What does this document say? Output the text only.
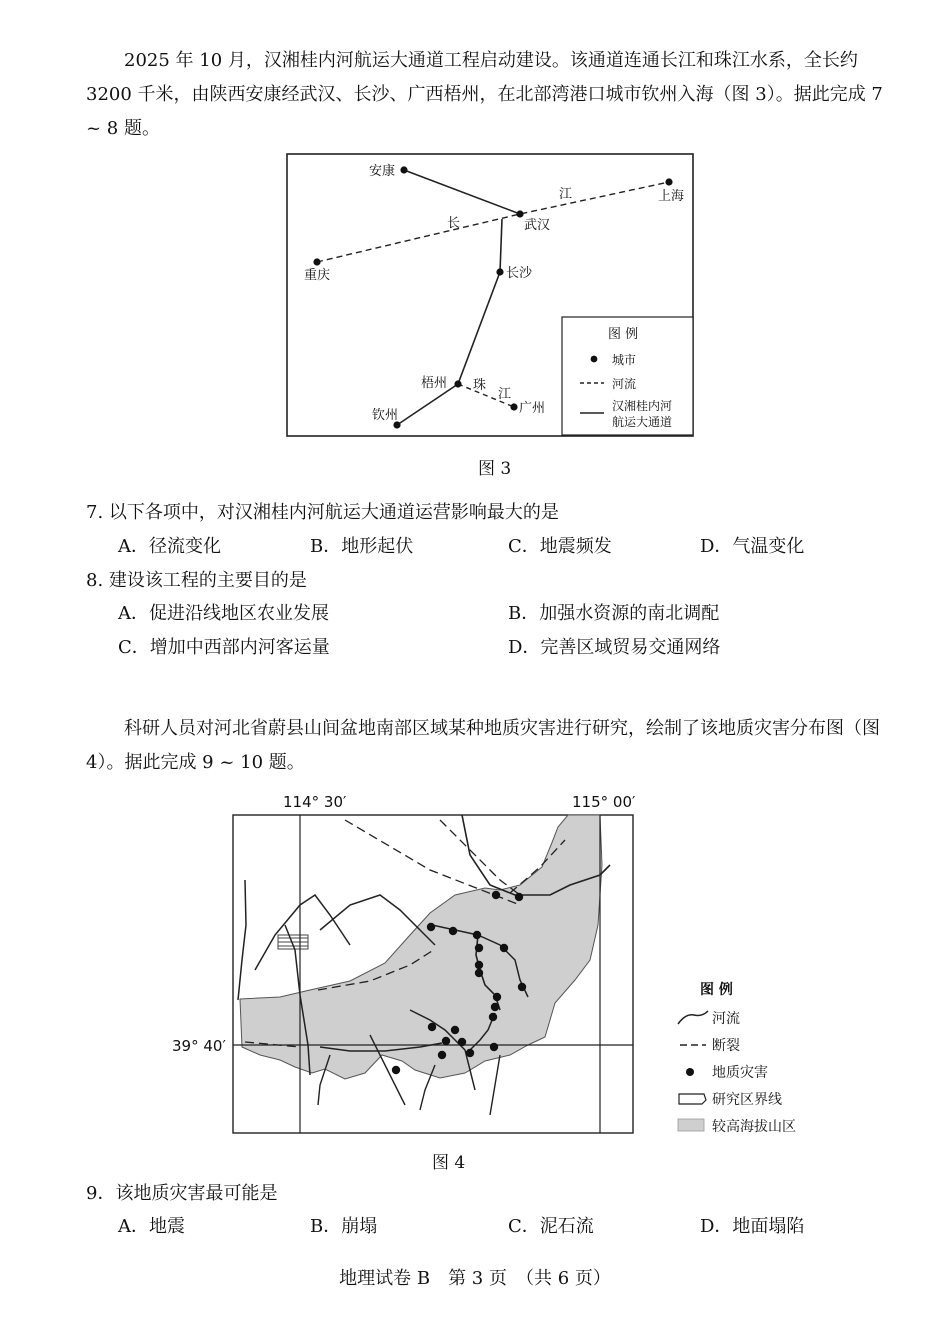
2025 年 10 月，汉湘桂内河航运大通道工程启动建设。该通道连通长江和珠江水系，全长约 3200 千米，由陕西安康经武汉、长沙、广西梧州，在北部湾港口城市钦州入海（图 3）。据此完成 7 ~ 8 题。

安康
武汉
上海
重庆	长沙
梧州
钦州	广州
长
江
珠
江
图 例
城市
河流
汉湘桂内河
航运大通道
图 3
7. 以下各项中，对汉湘桂内河航运大通道运营影响最大的是
A．径流变化	B．地形起伏	C．地震频发	D．气温变化
8. 建设该工程的主要目的是
A．促进沿线地区农业发展	B．加强水资源的南北调配
C．增加中西部内河客运量	D．完善区域贸易交通网络

科研人员对河北省蔚县山间盆地南部区域某种地质灾害进行研究，绘制了该地质灾害分布图（图 4）。据此完成 9 ~ 10 题。

114° 30′	115° 00′
39° 40′
图 例
河流
断裂
地质灾害
研究区界线
较高海拔山区
图 4
9．该地质灾害最可能是
A．地震	B．崩塌	C．泥石流	D．地面塌陷
地理试卷 B　第 3 页　（共 6 页）
